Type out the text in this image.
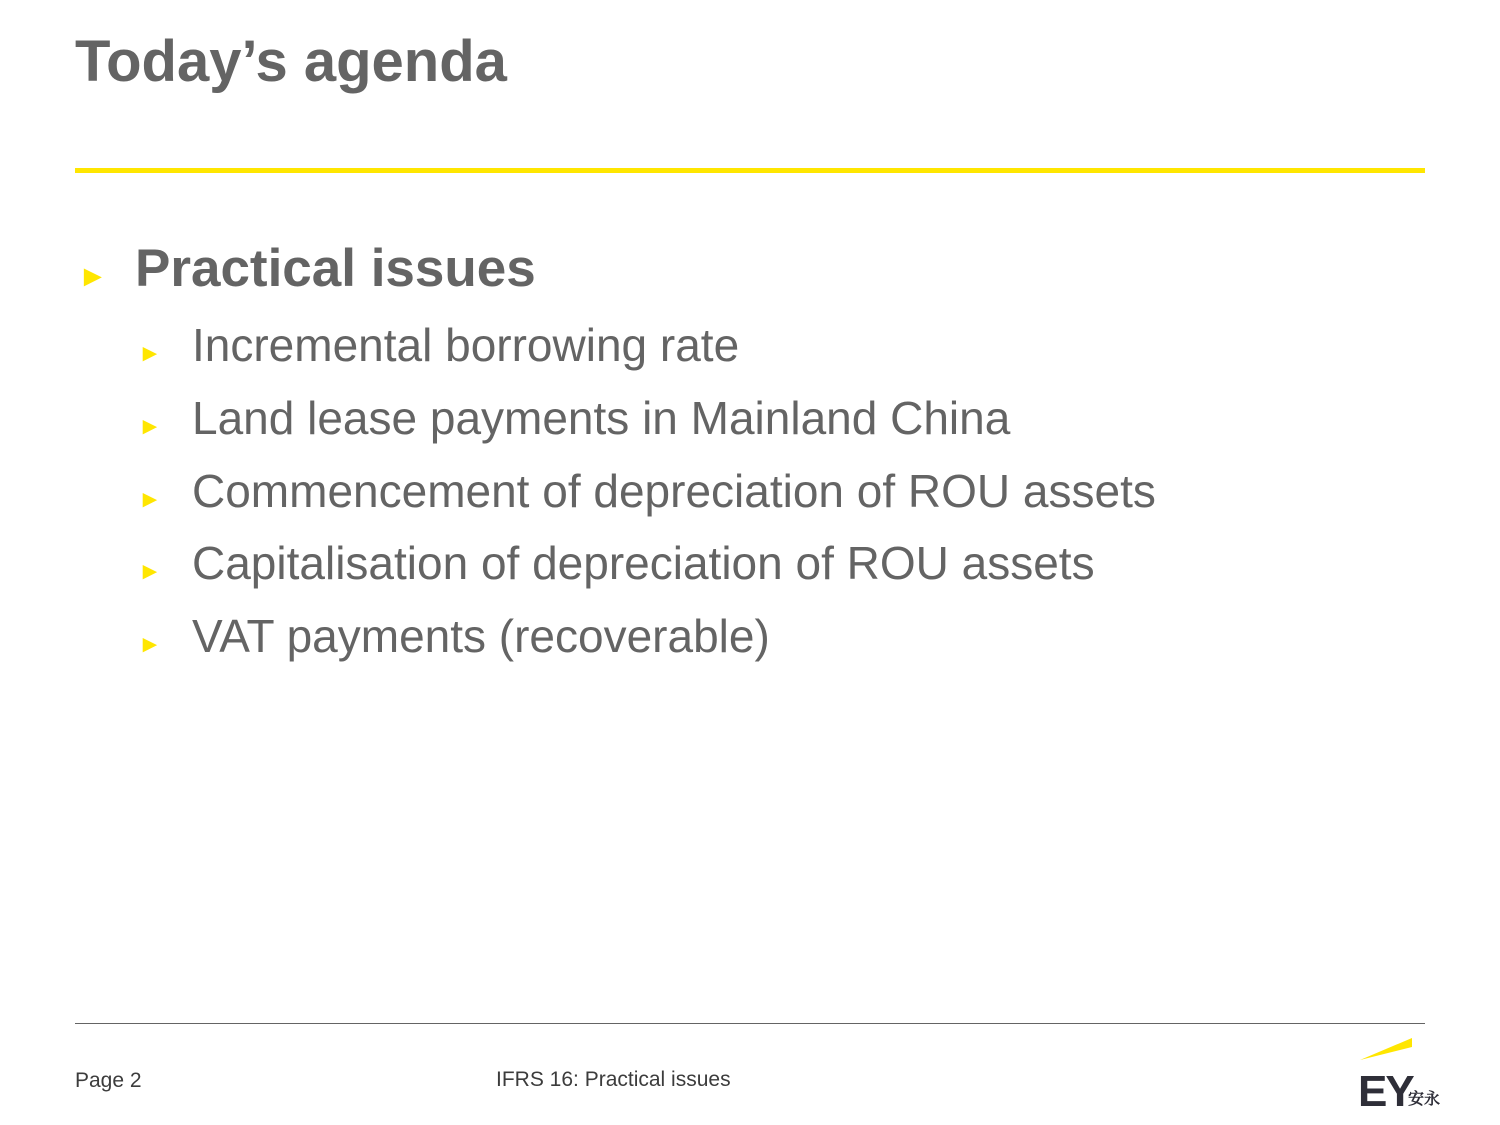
Today’s agenda
► Practical issues
► Incremental borrowing rate
► Land lease payments in Mainland China
► Commencement of depreciation of ROU assets
► Capitalisation of depreciation of ROU assets
► VAT payments (recoverable)
Page 2	IFRS 16: Practical issues	EY
安永
